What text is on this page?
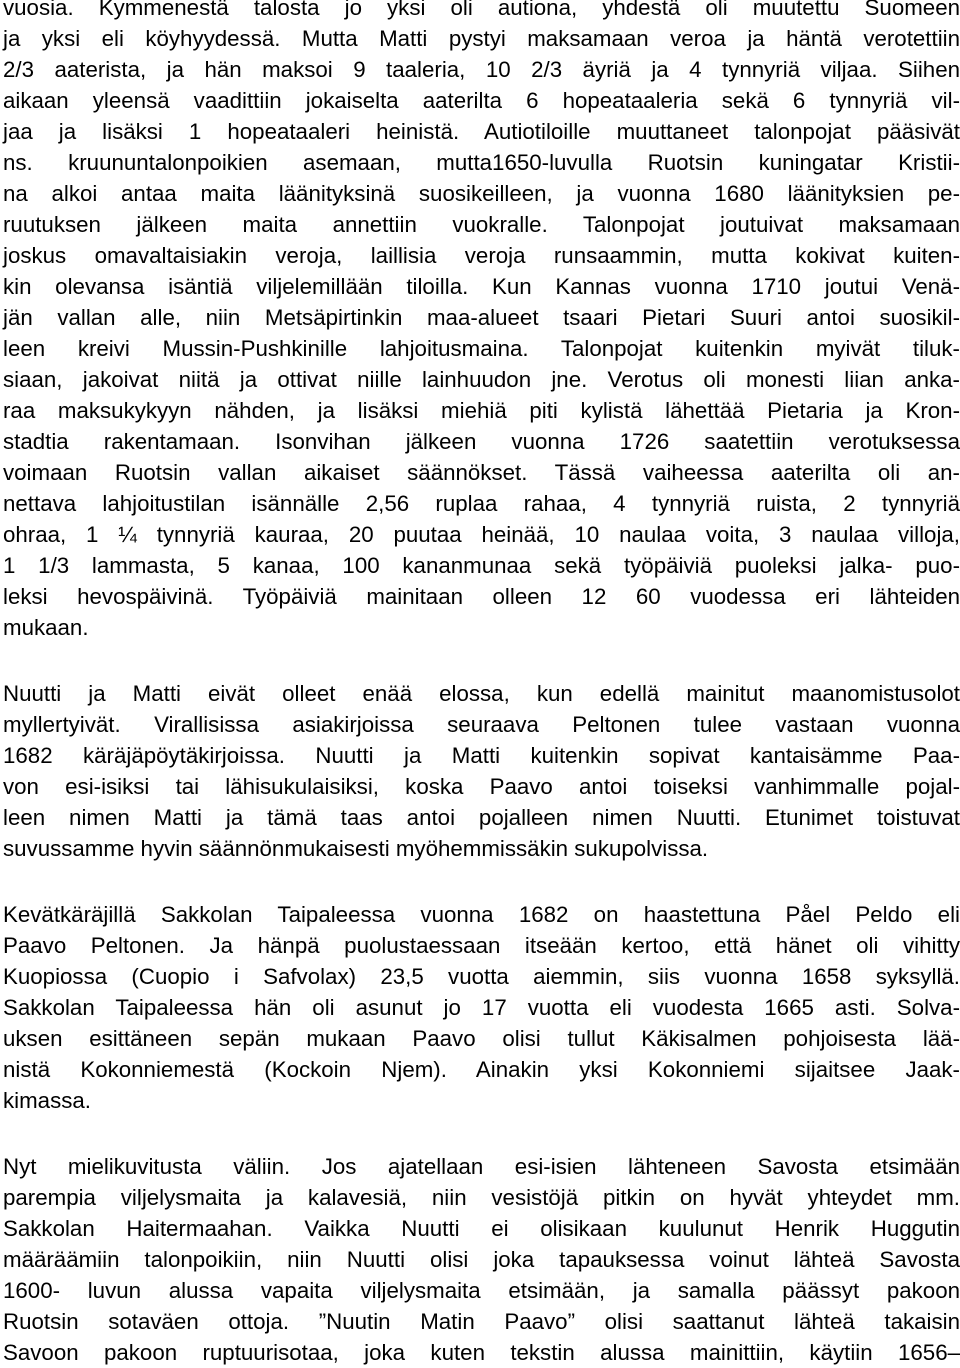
vuosia. Kymmenestä talosta jo yksi oli autiona, yhdestä oli muutettu Suomeen
ja yksi eli köyhyydessä. Mutta Matti pystyi maksamaan veroa ja häntä verotettiin
2/3 aaterista, ja hän maksoi 9 taaleria, 10 2/3 äyriä ja 4 tynnyriä viljaa. Siihen
aikaan yleensä vaadittiin jokaiselta aaterilta 6 hopeataaleria sekä 6 tynnyriä vil-
jaa ja lisäksi 1 hopeataaleri heinistä. Autiotiloille muuttaneet talonpojat pääsivät
ns. kruununtalonpoikien asemaan, mutta1650-luvulla Ruotsin kuningatar Kristii-
na alkoi antaa maita läänityksinä suosikeilleen, ja vuonna 1680 läänityksien pe-
ruutuksen jälkeen maita annettiin vuokralle. Talonpojat joutuivat maksamaan
joskus omavaltaisiakin veroja, laillisia veroja runsaammin, mutta kokivat kuiten-
kin olevansa isäntiä viljelemillään tiloilla. Kun Kannas vuonna 1710 joutui Venä-
jän vallan alle, niin Metsäpirtinkin maa-alueet tsaari Pietari Suuri antoi suosikil-
leen kreivi Mussin-Pushkinille lahjoitusmaina. Talonpojat kuitenkin myivät tiluk-
siaan, jakoivat niitä ja ottivat niille lainhuudon jne. Verotus oli monesti liian anka-
raa maksukykyyn nähden, ja lisäksi miehiä piti kylistä lähettää Pietaria ja Kron-
stadtia rakentamaan. Isonvihan jälkeen vuonna 1726 saatettiin verotuksessa
voimaan Ruotsin vallan aikaiset säännökset. Tässä vaiheessa aaterilta oli an-
nettava lahjoitustilan isännälle 2,56 ruplaa rahaa, 4 tynnyriä ruista, 2 tynnyriä
ohraa, 1 ¼ tynnyriä kauraa, 20 puutaa heinää, 10 naulaa voita, 3 naulaa villoja,
1 1/3 lammasta, 5 kanaa, 100 kananmunaa sekä työpäiviä puoleksi jalka- puo-
leksi hevospäivinä. Työpäiviä mainitaan olleen 12 60 vuodessa eri lähteiden
mukaan.
Nuutti ja Matti eivät olleet enää elossa, kun edellä mainitut maanomistusolot
myllertyivät. Virallisissa asiakirjoissa seuraava Peltonen tulee vastaan vuonna
1682 käräjäpöytäkirjoissa. Nuutti ja Matti kuitenkin sopivat kantaisämme Paa-
von esi-isiksi tai lähisukulaisiksi, koska Paavo antoi toiseksi vanhimmalle pojal-
leen nimen Matti ja tämä taas antoi pojalleen nimen Nuutti. Etunimet toistuvat
suvussamme hyvin säännönmukaisesti myöhemmissäkin sukupolvissa.
Kevätkäräjillä Sakkolan Taipaleessa vuonna 1682 on haastettuna Påel Peldo eli
Paavo Peltonen. Ja hänpä puolustaessaan itseään kertoo, että hänet oli vihitty
Kuopiossa (Cuopio i Safvolax) 23,5 vuotta aiemmin, siis vuonna 1658 syksyllä.
Sakkolan Taipaleessa hän oli asunut jo 17 vuotta eli vuodesta 1665 asti. Solva-
uksen esittäneen sepän mukaan Paavo olisi tullut Käkisalmen pohjoisesta lää-
nistä Kokonniemestä (Kockoin Njem). Ainakin yksi Kokonniemi sijaitsee Jaak-
kimassa.
Nyt mielikuvitusta väliin. Jos ajatellaan esi-isien lähteneen Savosta etsimään
parempia viljelysmaita ja kalavesiä, niin vesistöjä pitkin on hyvät yhteydet mm.
Sakkolan Haitermaahan. Vaikka Nuutti ei olisikaan kuulunut Henrik Huggutin
määräämiin talonpoikiin, niin Nuutti olisi joka tapauksessa voinut lähteä Savosta
1600- luvun alussa vapaita viljelysmaita etsimään, ja samalla päässyt pakoon
Ruotsin sotaväen ottoja. ”Nuutin Matin Paavo” olisi saattanut lähteä takaisin
Savoon pakoon ruptuurisotaa, joka kuten tekstin alussa mainittiin, käytiin 1656–
